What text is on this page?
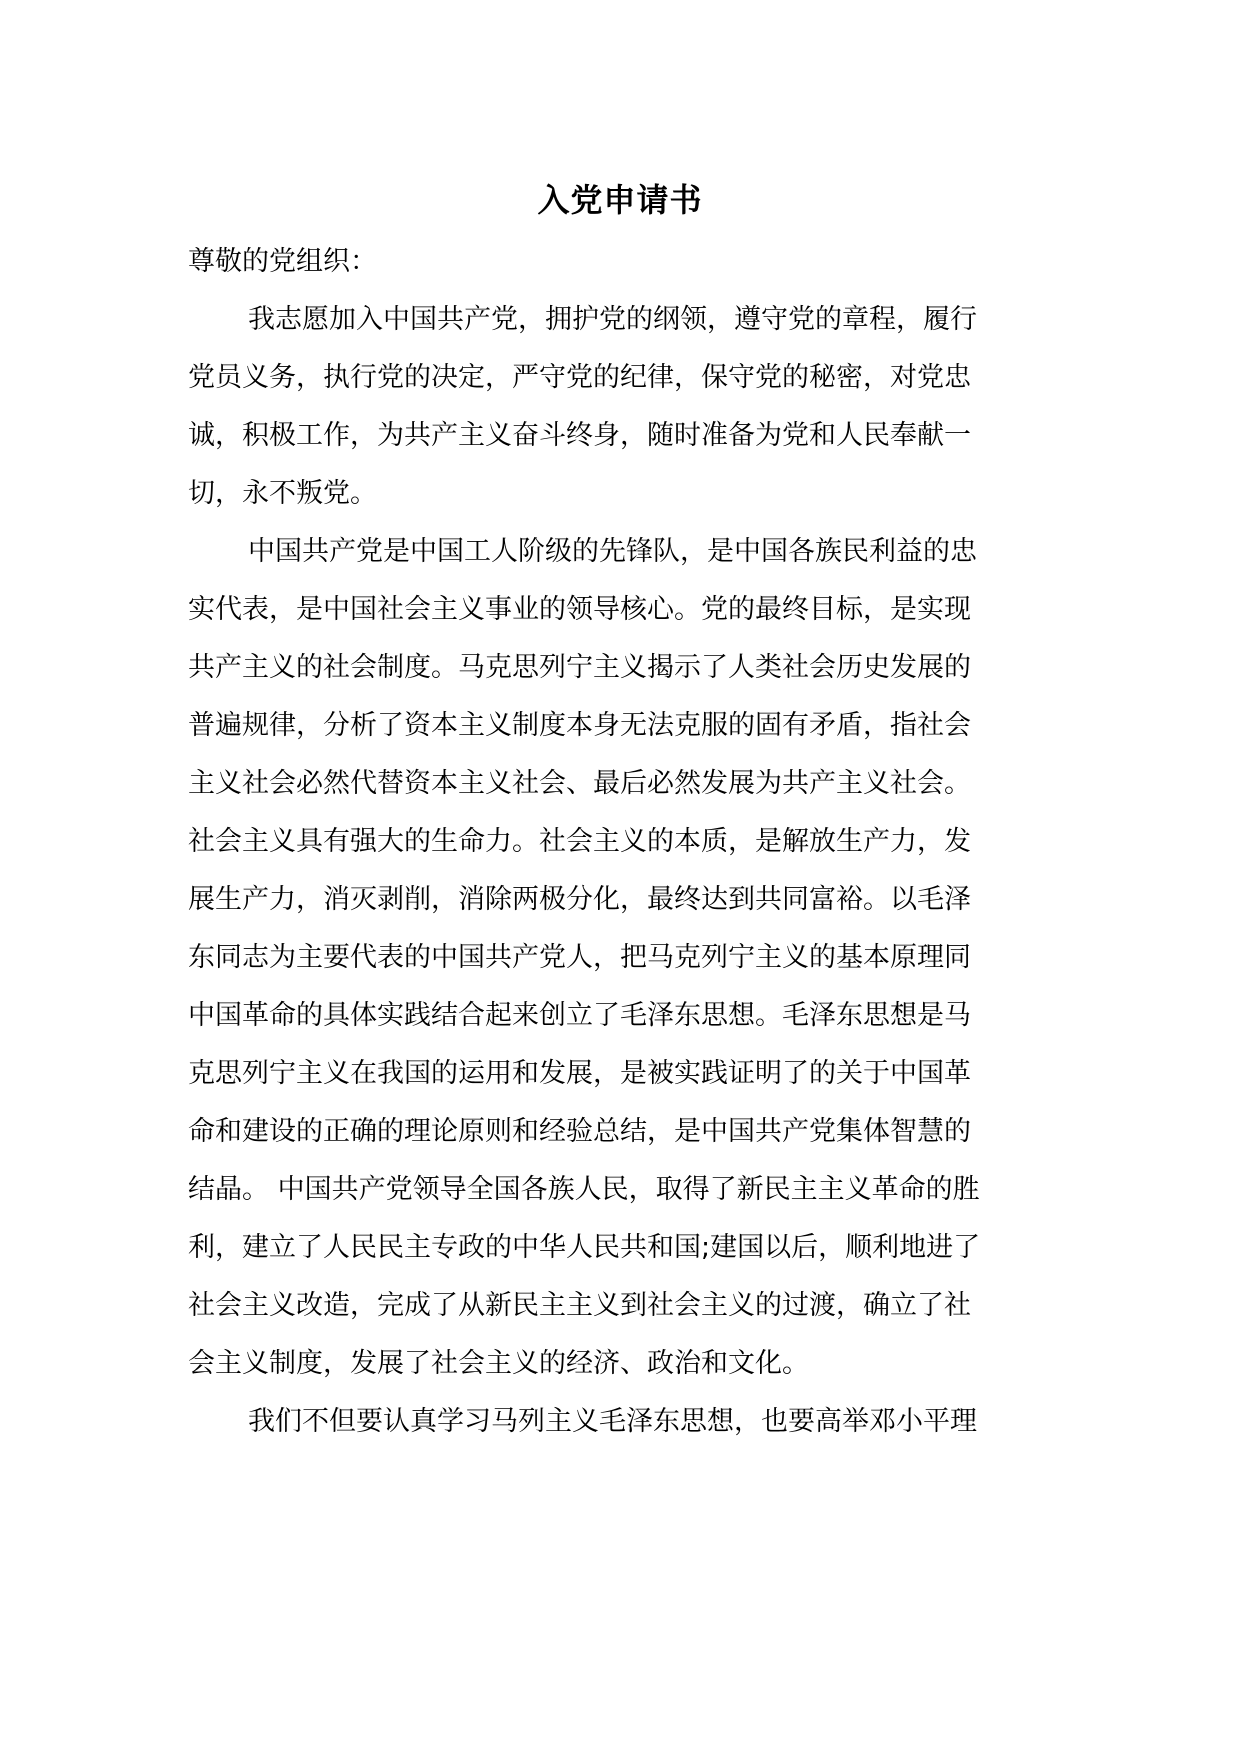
入党申请书
尊敬的党组织：
我志愿加入中国共产党，拥护党的纲领，遵守党的章程，履行
党员义务，执行党的决定，严守党的纪律，保守党的秘密，对党忠
诚，积极工作，为共产主义奋斗终身，随时准备为党和人民奉献一
切，永不叛党。
中国共产党是中国工人阶级的先锋队，是中国各族民利益的忠
实代表，是中国社会主义事业的领导核心。党的最终目标，是实现
共产主义的社会制度。马克思列宁主义揭示了人类社会历史发展的
普遍规律，分析了资本主义制度本身无法克服的固有矛盾，指社会
主义社会必然代替资本主义社会、最后必然发展为共产主义社会。
社会主义具有强大的生命力。社会主义的本质，是解放生产力，发
展生产力，消灭剥削，消除两极分化，最终达到共同富裕。以毛泽
东同志为主要代表的中国共产党人，把马克列宁主义的基本原理同
中国革命的具体实践结合起来创立了毛泽东思想。毛泽东思想是马
克思列宁主义在我国的运用和发展，是被实践证明了的关于中国革
命和建设的正确的理论原则和经验总结，是中国共产党集体智慧的
结晶。 中国共产党领导全国各族人民，取得了新民主主义革命的胜
利，建立了人民民主专政的中华人民共和国;建国以后，顺利地进了
社会主义改造，完成了从新民主主义到社会主义的过渡，确立了社
会主义制度，发展了社会主义的经济、政治和文化。
我们不但要认真学习马列主义毛泽东思想，也要高举邓小平理
